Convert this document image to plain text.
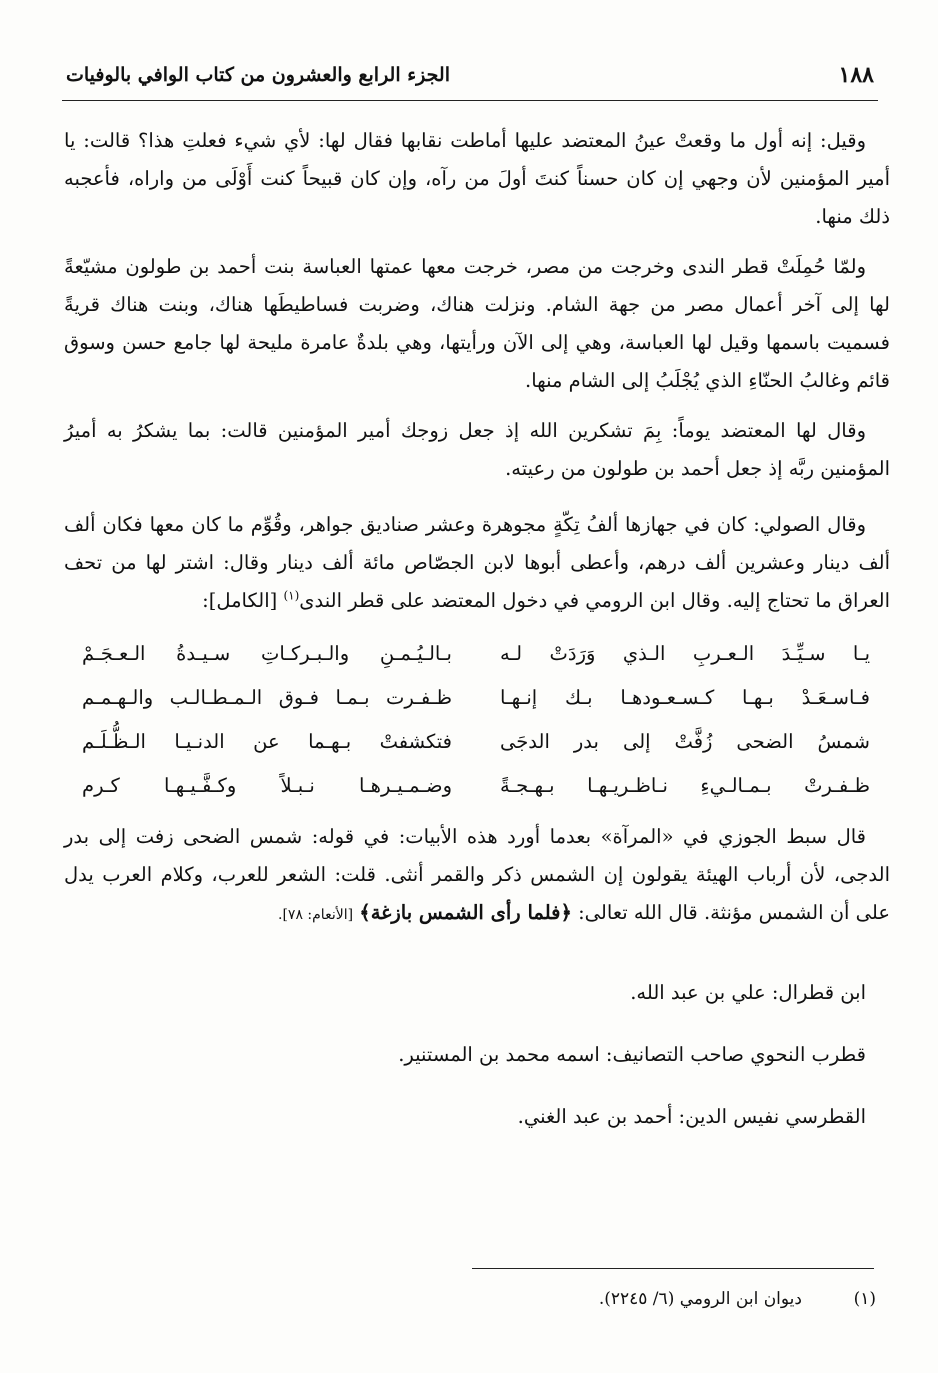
١٨٨
الجزء الرابع والعشرون من كتاب الوافي بالوفيات

وقيل: إنه أول ما وقعتْ عينُ المعتضد عليها أماطت نقابها فقال لها: لأي شيء فعلتِ هذا؟ قالت: يا أمير المؤمنين لأن وجهي إن كان حسناً كنتَ أولَ من رآه، وإن كان قبيحاً كنت أَوْلَى من واراه، فأعجبه ذلك منها.

ولمّا حُمِلَتْ قطر الندى وخرجت من مصر، خرجت معها عمتها العباسة بنت أحمد بن طولون مشيّعةً لها إلى آخر أعمال مصر من جهة الشام. ونزلت هناك، وضربت فساطيطَها هناك، وبنت هناك قريةً فسميت باسمها وقيل لها العباسة، وهي إلى الآن ورأيتها، وهي بلدةٌ عامرة مليحة لها جامع حسن وسوق قائم وغالبُ الحنّاءِ الذي يُجْلَبُ إلى الشام منها.

وقال لها المعتضد يوماً: بِمَ تشكرين الله إذ جعل زوجك أمير المؤمنين قالت: بما يشكرُ به أميرُ المؤمنين ربَّه إذ جعل أحمد بن طولون من رعيته.

وقال الصولي: كان في جهازها ألفُ تِكّةٍ مجوهرة وعشر صناديق جواهر، وقُوِّم ما كان معها فكان ألف ألف دينار وعشرين ألف درهم، وأعطى أبوها لابن الجصّاص مائة ألف دينار وقال: اشتر لها من تحف العراق ما تحتاج إليه. وقال ابن الرومي في دخول المعتضد على قطر الندى$^{(١)}$ [الكامل]:

يـا سـيِّـدَ الـعـربِ الـذي وَرَدَتْ لـه
بـالـيُـمـنِ والـبـركـاتِ سـيـدةُ الـعـجَـمْ
فـاسـعَـدْ بـهـا كـسـعـودهـا بـك إنـهـا
ظـفـرت بـمـا فـوق الـمـطـالـب والـهـمـم
شمسُ الضحى زُفَّتْ إلى بدر الدجَى
فتكشفتْ بـهـما عن الدنـيـا الـظُّـلَـم
ظـفـرتْ بـمـالـيءِ نـاظـريـهـا بـهـجـةً
وضـمـيـرهـا نـبـلاً وكـفَّـيـهـا كـرم

قال سبط الجوزي في «المرآة» بعدما أورد هذه الأبيات: في قوله: شمس الضحى زفت إلى بدر الدجى، لأن أرباب الهيئة يقولون إن الشمس ذكر والقمر أنثى. قلت: الشعر للعرب، وكلام العرب يدل على أن الشمس مؤنثة. قال الله تعالى: ﴿فلما رأى الشمس بازغة﴾ [الأنعام: ٧٨].

ابن قطرال: علي بن عبد الله.

قطرب النحوي صاحب التصانيف: اسمه محمد بن المستنير.

القطرسي نفيس الدين: أحمد بن عبد الغني.

(١)ديوان ابن الرومي (٦/ ٢٢٤٥).
